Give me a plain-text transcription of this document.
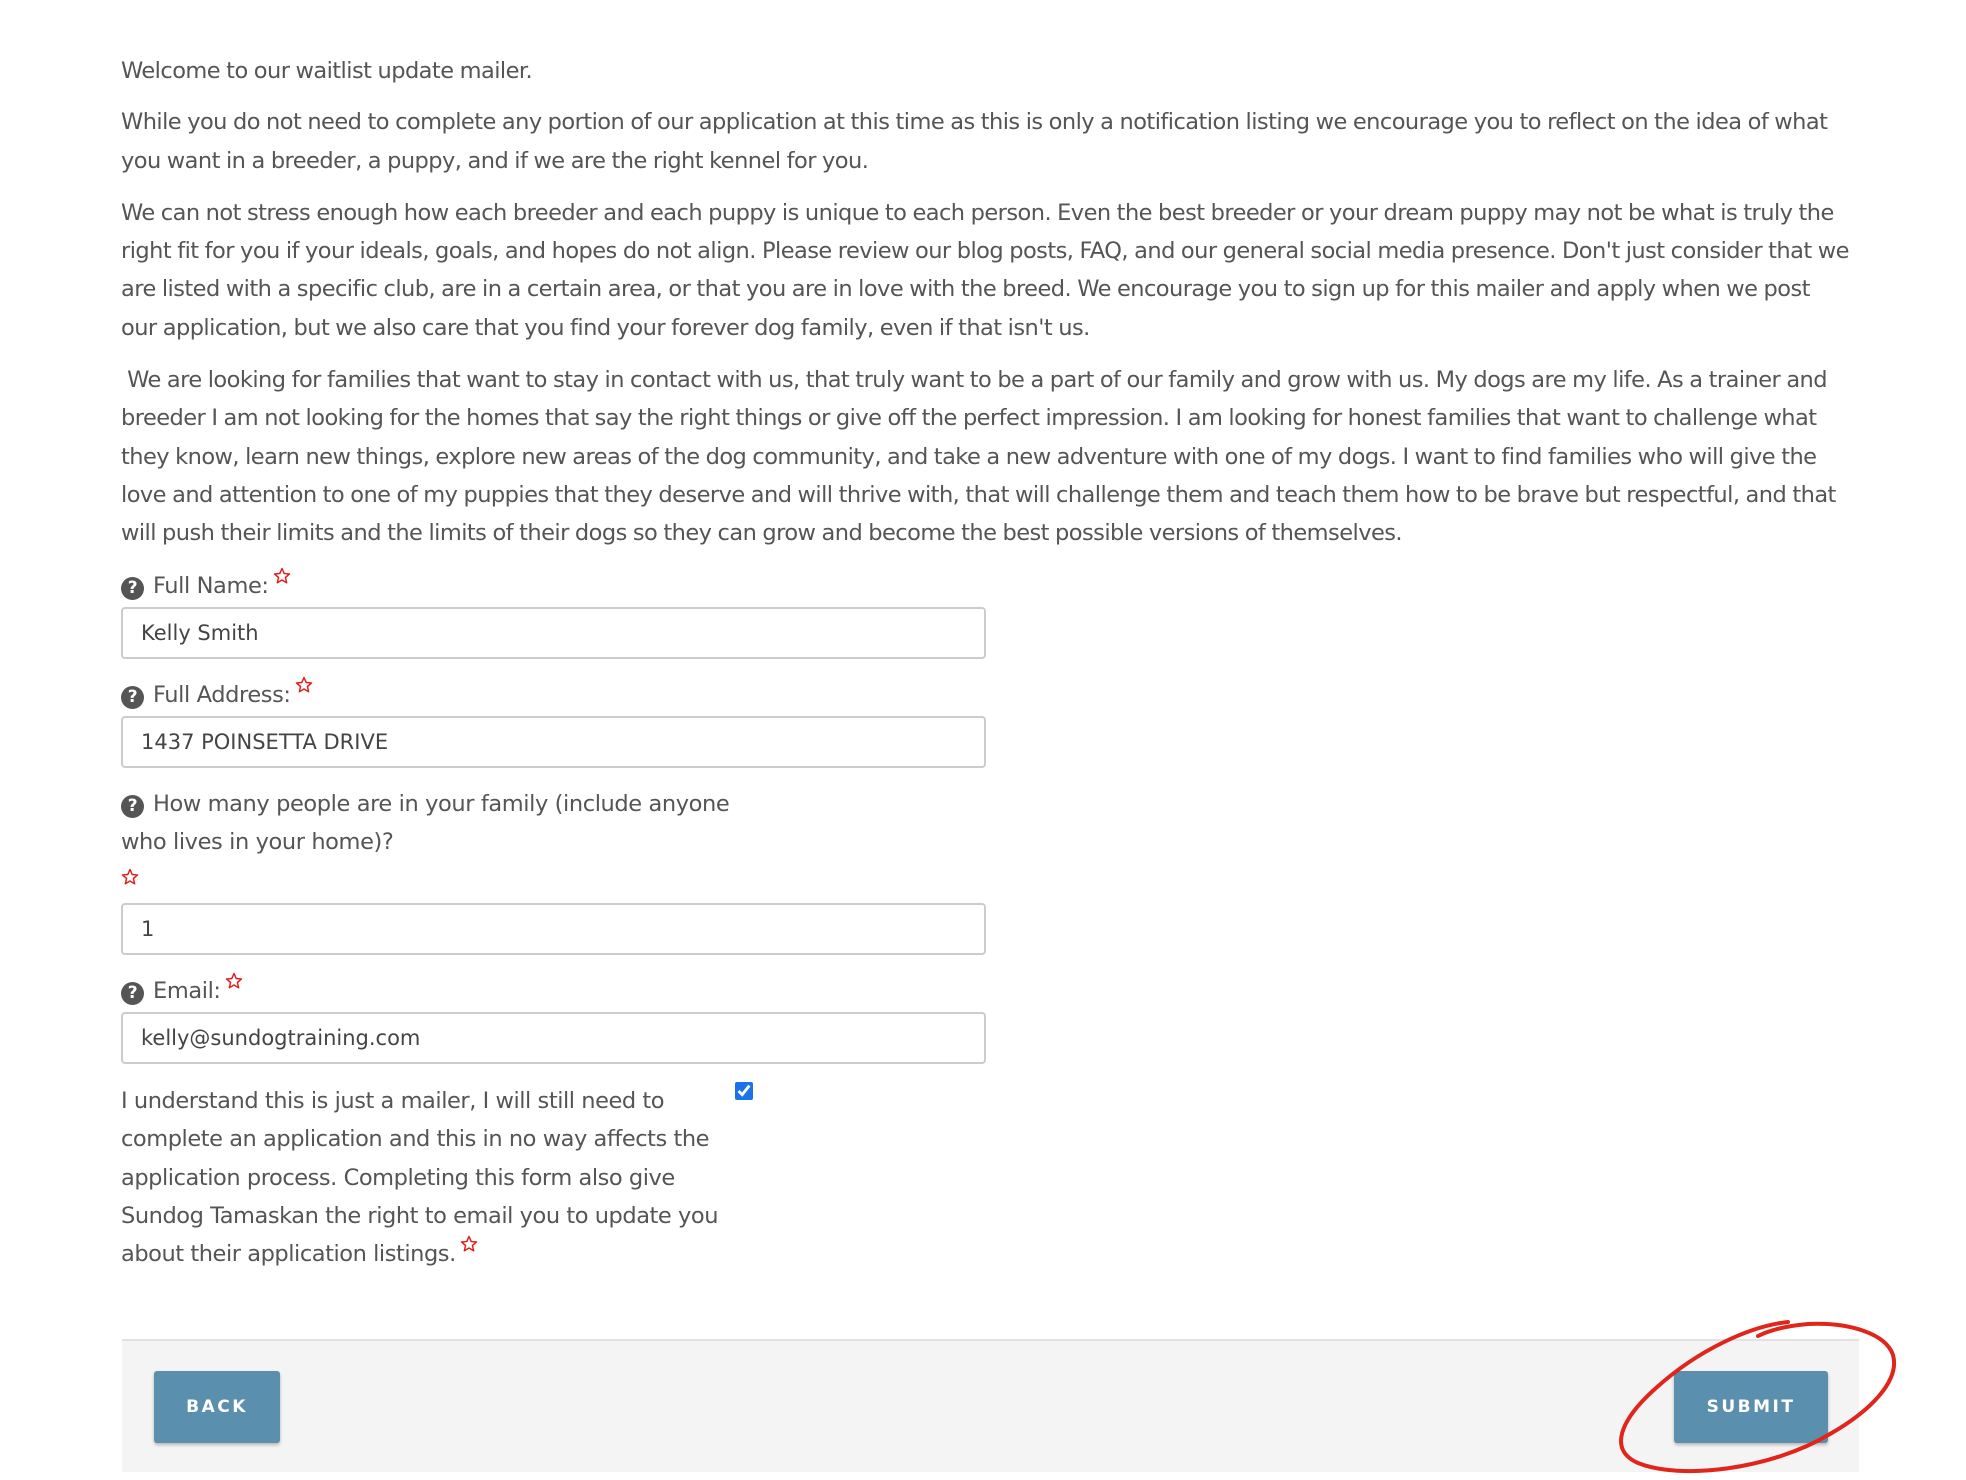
Welcome to our waitlist update mailer.

While you do not need to complete any portion of our application at this time as this is only a notification listing we encourage you to reflect on the idea of what you want in a breeder, a puppy, and if we are the right kennel for you.

We can not stress enough how each breeder and each puppy is unique to each person. Even the best breeder or your dream puppy may not be what is truly the right fit for you if your ideals, goals, and hopes do not align. Please review our blog posts, FAQ, and our general social media presence. Don't just consider that we are listed with a specific club, are in a certain area, or that you are in love with the breed. We encourage you to sign up for this mailer and apply when we post our application, but we also care that you find your forever dog family, even if that isn't us.

We are looking for families that want to stay in contact with us, that truly want to be a part of our family and grow with us. My dogs are my life. As a trainer and breeder I am not looking for the homes that say the right things or give off the perfect impression. I am looking for honest families that want to challenge what they know, learn new things, explore new areas of the dog community, and take a new adventure with one of my dogs. I want to find families who will give the love and attention to one of my puppies that they deserve and will thrive with, that will challenge them and teach them how to be brave but respectful, and that will push their limits and the limits of their dogs so they can grow and become the best possible versions of themselves.

? Full Name:
Kelly Smith
? Full Address:
1437 POINSETTA DRIVE
? How many people are in your family (include anyone
who lives in your home)?

1
? Email:
kelly@sundogtraining.com
I understand this is just a mailer, I will still need to complete an application and this in no way affects the application process. Completing this form also give Sundog Tamaskan the right to email you to update you about their application listings.
BACK	SUBMIT
